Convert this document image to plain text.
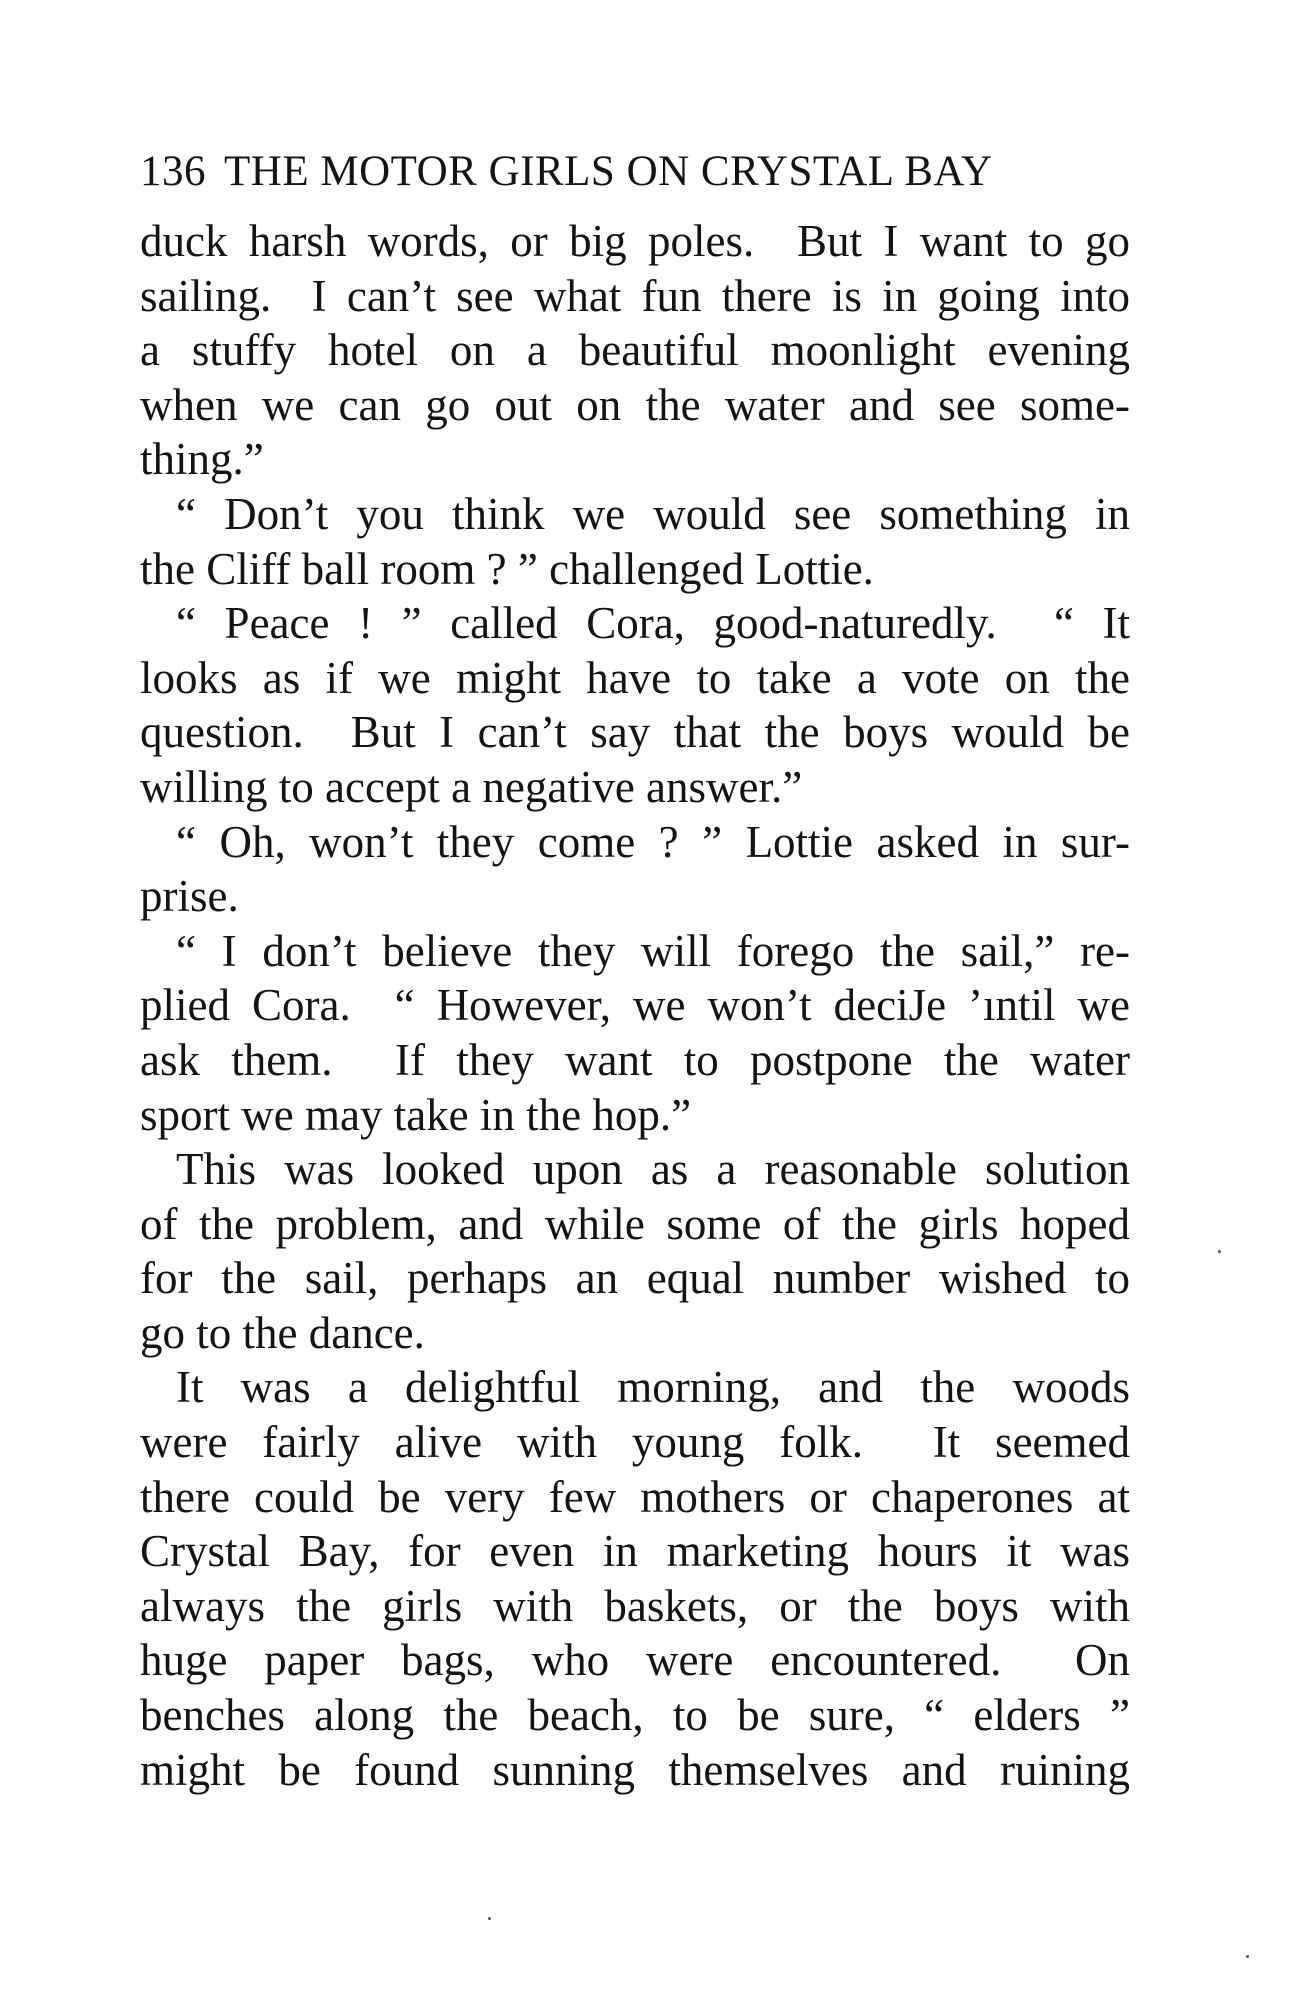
136 THE MOTOR GIRLS ON CRYSTAL BAY
duck harsh words, or big poles.  But I want to go
sailing.  I can’t see what fun there is in going into
a stuffy hotel on a beautiful moonlight evening
when we can go out on the water and see some-
thing.”
“ Don’t you think we would see something in
the Cliff ball room ? ” challenged Lottie.
“ Peace ! ” called Cora, good-naturedly.  “ It
looks as if we might have to take a vote on the
question.  But I can’t say that the boys would be
willing to accept a negative answer.”
“ Oh, won’t they come ? ” Lottie asked in sur-
prise.
“ I don’t believe they will forego the sail,” re-
plied Cora.  “ However, we won’t deciJe ’ıntil we
ask them.  If they want to postpone the water
sport we may take in the hop.”
This was looked upon as a reasonable solution
of the problem, and while some of the girls hoped
for the sail, perhaps an equal number wished to
go to the dance.
It was a delightful morning, and the woods
were fairly alive with young folk.  It seemed
there could be very few mothers or chaperones at
Crystal Bay, for even in marketing hours it was
always the girls with baskets, or the boys with
huge paper bags, who were encountered.  On
benches along the beach, to be sure, “ elders ”
might be found sunning themselves and ruining
